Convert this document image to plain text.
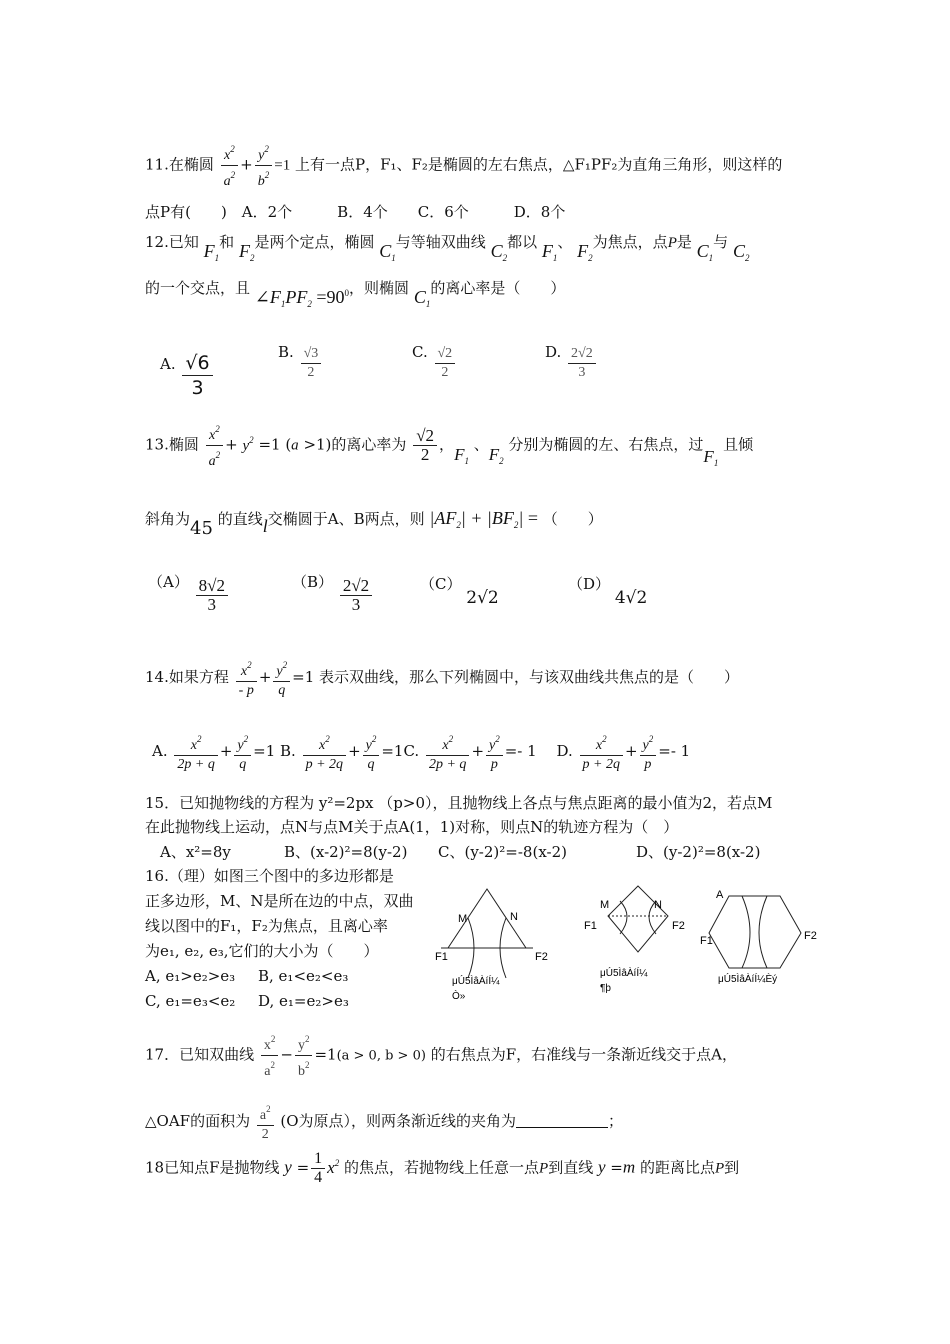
11.在椭圆 $\frac{x^2}{a^2} + \frac{y^2}{b^2} =1$ 上有一点P，F₁、F₂是椭圆的左右焦点，△F₁PF₂为直角三角形，则这样的
点P有(　　)　A．2个　　　B．4个　　C．6个　　　D．8个
12.已知 $F_1$和 $F_2$是两个定点，椭圆 $C_1$与等轴双曲线 $C_2$都以 $F_1$、 $F_2$为焦点，点P是 $C_1$与 $C_2$
的一个交点，且 $\angle F_1PF_2 =90^0$，则椭圆 $C_1$的离心率是（　　）
A. $\frac{√6}{3}$	B. $\frac{√3}{2}$	C. $\frac{√2}{2}$	D. $\frac{2√2}{3}$
13.椭圆 $\frac{x^2}{a^2} + y^2 =1$ (a >1)的离心率为 $\frac{√2}{2}$ ，$F_1$ 、$F_2$ 分别为椭圆的左、右焦点，过$F_1$ 且倾
斜角为45 的直线l交椭圆于A、B两点，则 $|AF_2| + |BF_2|$ = （　　）
$(A) \frac{8√2}{3}$	$(B) \frac{2√2}{3}$	（C） 2√2
（D） 4√2
14.如果方程 $\frac{x^2}{- p} + \frac{y^2}{q} =1$ 表示双曲线，那么下列椭圆中，与该双曲线共焦点的是（　　）
A. $\frac{x^2}{2p + q} + \frac{y^2}{q} =1$ B. $\frac{x^2}{p + 2q} + \frac{y^2}{q} =1C$. $\frac{x^2}{2p + q} + \frac{y^2}{p} =- 1$　 D. $\frac{x^2}{p + 2q} + \frac{y^2}{p} =- 1$
15．已知抛物线的方程为 y²=2px （p>0），且抛物线上各点与焦点距离的最小值为2，若点M
在此抛物线上运动，点N与点M关于点A(1，1)对称，则点N的轨迹方程为（　）
A、x²=8y	B、(x-2)²=8(y-2) C、(y-2)²=-8(x-2)	D、(y-2)²=8(x-2)
16.（理）如图三个图中的多边形都是
正多边形，M、N是所在边的中点，双曲
线以图中的F₁，F₂为焦点，且离心率
为e₁, e₂, e₃,它们的大小为（　　）
A, e₁>e₂>e₃ B, e₁<e₂<e₃
C, e₁=e₃<e₂ D, e₁=e₂>e₃
M	N
F1	F2
μÚ5ÌâÀíÍ¼
Ò»
M	N
F1	F2
μÚ5ÌâÀíÍ¼
¶þ
A
F1	F2
μÚ5ÌâÀíÍ¼Èý
17．已知双曲线 $\frac{x^2}{a^2} - \frac{y^2}{b^2} =1(a > 0$, b > 0) 的右焦点为F，右准线与一条渐近线交于点A，
△OAF的面积为 $\frac{a^2}{2} (O$为原点），则两条渐近线的夹角为	；
18已知点F是抛物线 $y = \frac{1}{4} x^2$ 的焦点，若抛物线上任意一点P到直线 y =m 的距离比点P到
